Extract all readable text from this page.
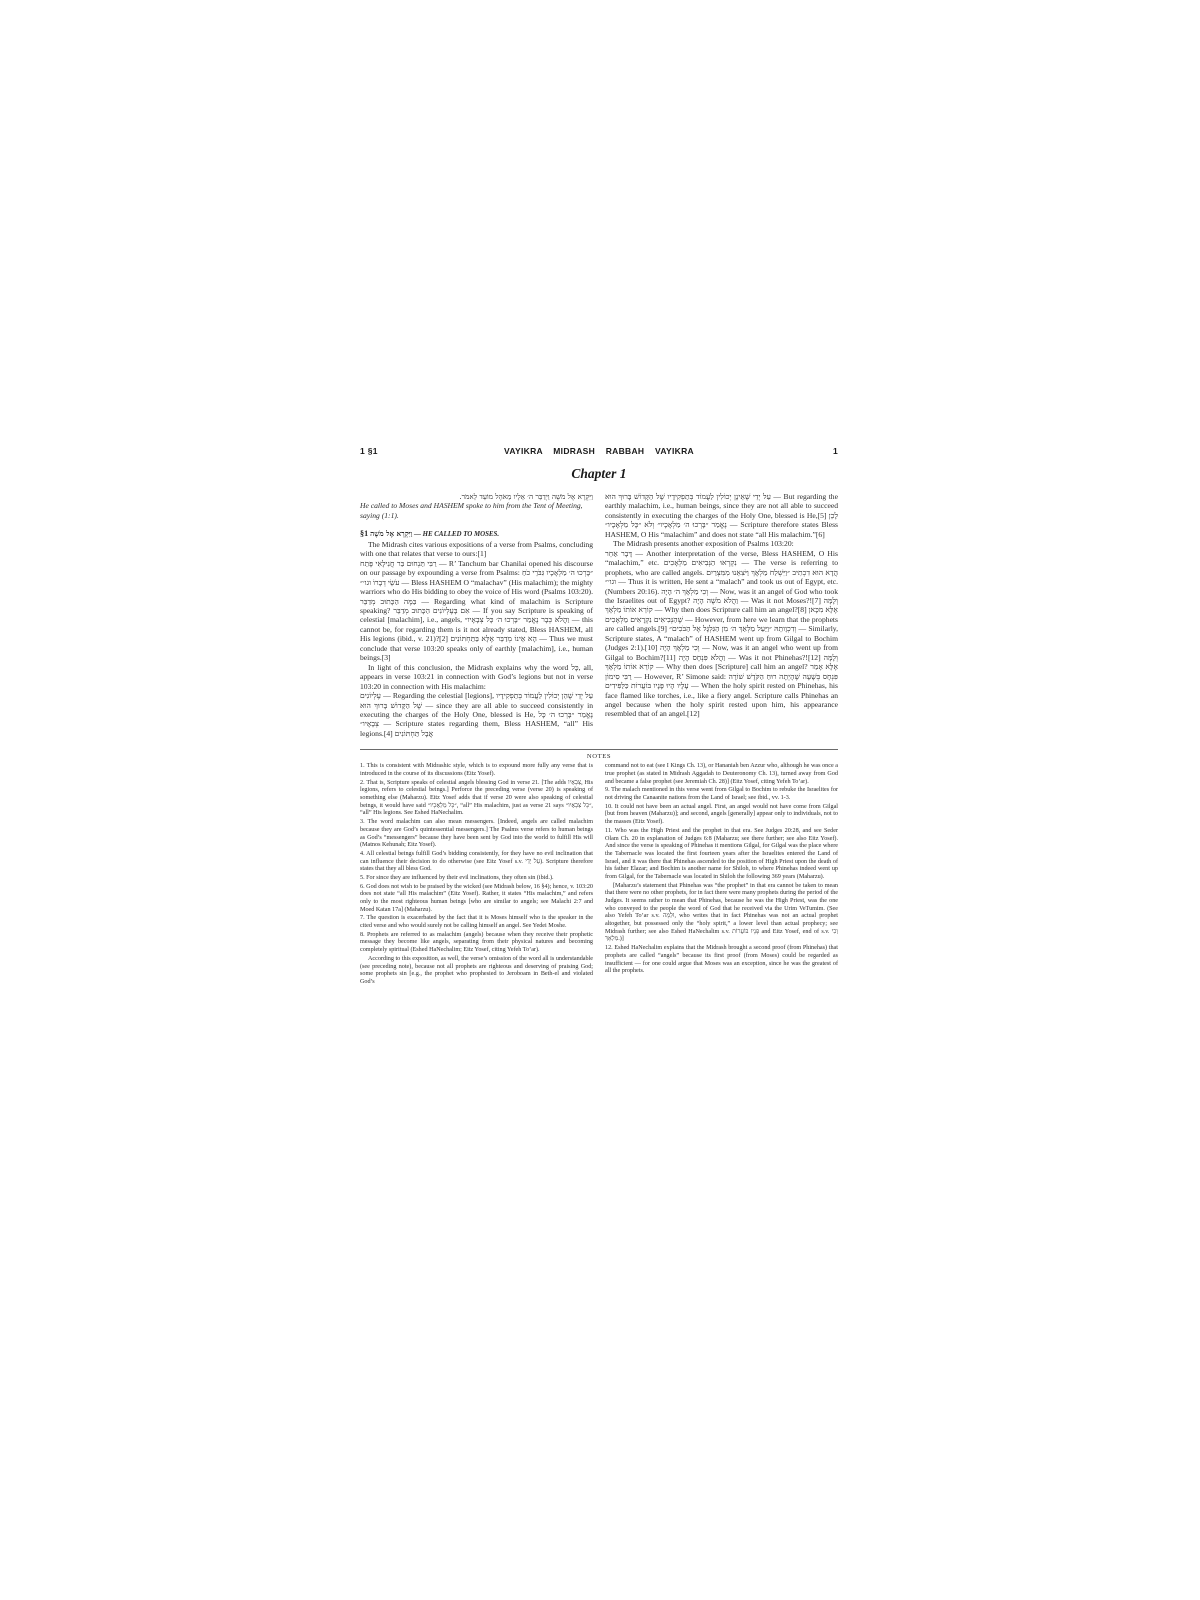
1 §1	VAYIKRA MIDRASH RABBAH VAYIKRA	1
Chapter 1

וַיִּקְרָא אֶל מֹשֶׁה וַיְדַבֵּר ה׳ אֵלָיו מֵאֹהֶל מוֹעֵד לֵאמֹר.

He called to Moses and HASHEM spoke to him from the Tent of Meeting, saying (1:1).

§1 וַיִּקְרָא אֶל מֹשֶׁה — HE CALLED TO MOSES.

The Midrash cites various expositions of a verse from Psalms, concluding with one that relates that verse to ours:[1]

רַבִּי תַּנְחוּם בַּר חֲנִילָאִי פָּתַח — R’ Tanchum bar Chanilai opened his discourse on our passage by expounding a verse from Psalms: ״בָּרְכוּ ה׳ מַלְאָכָיו גִּבֹּרֵי כֹחַ עֹשֵׂי דְבָרוֹ וגו׳״ — Bless HASHEM O “malachav” (His malachim); the mighty warriors who do His bidding to obey the voice of His word (Psalms 103:20). בַּמֶּה הַכָּתוּב מְדַבֵּר — Regarding what kind of malachim is Scripture speaking? אִם בָּעֶלְיוֹנִים הַכָּתוּב מְדַבֵּר — If you say Scripture is speaking of celestial [malachim], i.e., angels, וַהֲלֹא כְּבָר נֶאֱמַר ״בָּרְכוּ ה׳ כָּל צְבָאָיו״ — this cannot be, for regarding them is it not already stated, Bless HASHEM, all His legions (ibid., v. 21)?[2] הָא אֵינוֹ מְדַבֵּר אֶלָּא בַּתַּחְתּוֹנִים — Thus we must conclude that verse 103:20 speaks only of earthly [malachim], i.e., human beings.[3]

In light of this conclusion, the Midrash explains why the word כָּל, all, appears in verse 103:21 in connection with God’s legions but not in verse 103:20 in connection with His malachim:

עֶלְיוֹנִים — Regarding the celestial [legions], עַל יְדֵי שֶׁהֵן יְכוֹלִין לַעֲמוֹד בְּתַפְקִידָיו שֶׁל הַקָּדוֹשׁ בָּרוּךְ הוּא — since they are all able to succeed consistently in executing the charges of the Holy One, blessed is He, נֶאֱמַר ״בָּרְכוּ ה׳ כָּל צְבָאָיו״ — Scripture states regarding them, Bless HASHEM, “all” His legions.[4] אֲבָל תַּחְתּוֹנִים

עַל יְדֵי שֶׁאֵינָן יְכוֹלִין לַעֲמוֹד בְּתַפְקִידָיו שֶׁל הַקָּדוֹשׁ בָּרוּךְ הוּא — But regarding the earthly malachim, i.e., human beings, since they are not all able to succeed consistently in executing the charges of the Holy One, blessed is He,[5] לָכֵן נֶאֱמַר ״בָּרְכוּ ה׳ מַלְאָכָיו״ וְלֹא ״כָּל מַלְאָכָיו״ — Scripture therefore states Bless HASHEM, O His “malachim” and does not state “all His malachim.”[6]

The Midrash presents another exposition of Psalms 103:20:

דָּבָר אַחֵר — Another interpretation of the verse, Bless HASHEM, O His “malachim,” etc. נִקְרְאוּ הַנְּבִיאִים מַלְאָכִים — The verse is referring to prophets, who are called angels. הֲדָא הוּא דִכְתִיב ״וַיִּשְׁלַח מַלְאָךְ וַיֹּצִאֵנוּ מִמִּצְרַיִם וגו׳״ — Thus it is written, He sent a “malach” and took us out of Egypt, etc. (Numbers 20:16). וְכִי מַלְאָךְ ה׳ הָיָה — Now, was it an angel of God who took the Israelites out of Egypt? וַהֲלֹא מֹשֶׁה הָיָה — Was it not Moses?![7] וְלָמָּה קוֹרֵא אוֹתוֹ מַלְאָךְ — Why then does Scripture call him an angel?[8] אֶלָּא מִכָּאן שֶׁהַנְּבִיאִים נִקְרָאִים מַלְאָכִים — However, from here we learn that the prophets are called angels.[9] וְדִכְוָותֵהּ ״וַיַּעַל מַלְאַךְ ה׳ מִן הַגִּלְגָּל אֶל הַבֹּכִים״ — Similarly, Scripture states, A “malach” of HASHEM went up from Gilgal to Bochim (Judges 2:1).[10] וְכִי מַלְאָךְ הָיָה — Now, was it an angel who went up from Gilgal to Bochim?[11] וַהֲלֹא פִּנְחָס הָיָה — Was it not Phinehas?![12] וְלָמָּה קוֹרֵא אוֹתוֹ מַלְאָךְ — Why then does [Scripture] call him an angel? אֶלָּא אָמַר רַבִּי סִימוֹן — However, R’ Simone said: פִּנְחָס בְּשָׁעָה שֶׁהָיְתָה רוּחַ הַקֹּדֶשׁ שׁוֹרָה עָלָיו הָיוּ פָּנָיו בּוֹעֲרוֹת כַּלַּפִּידִים — When the holy spirit rested on Phinehas, his face flamed like torches, i.e., like a fiery angel. Scripture calls Phinehas an angel because when the holy spirit rested upon him, his appearance resembled that of an angel.[12]

NOTES

1. This is consistent with Midrashic style, which is to expound more fully any verse that is introduced in the course of its discussions (Eitz Yosef).

2. That is, Scripture speaks of celestial angels blessing God in verse 21. [The adds צְבָאָיו, His legions, refers to celestial beings.] Perforce the preceding verse (verse 20) is speaking of something else (Maharzu). Eitz Yosef adds that if verse 20 were also speaking of celestial beings, it would have said ״כָּל מַלְאָכָיו״, “all” His malachim, just as verse 21 says ״כָּל צְבָאָיו״, “all” His legions. See Eshed HaNechalim.

3. The word malachim can also mean messengers. [Indeed, angels are called malachim because they are God’s quintessential messengers.] The Psalms verse refers to human beings as God’s “messengers” because they have been sent by God into the world to fulfill His will (Matnos Kehunah; Eitz Yosef).

4. All celestial beings fulfill God’s bidding consistently, for they have no evil inclination that can influence their decision to do otherwise (see Eitz Yosef s.v. עַל יְדֵי). Scripture therefore states that they all bless God.

5. For since they are influenced by their evil inclinations, they often sin (ibid.).

6. God does not wish to be praised by the wicked (see Midrash below, 16 §4); hence, v. 103:20 does not state “all His malachim” (Eitz Yosef). Rather, it states “His malachim,” and refers only to the most righteous human beings [who are similar to angels; see Malachi 2:7 and Moed Katan 17a] (Maharzu).

7. The question is exacerbated by the fact that it is Moses himself who is the speaker in the cited verse and who would surely not be calling himself an angel. See Yedei Moshe.

8. Prophets are referred to as malachim (angels) because when they receive their prophetic message they become like angels, separating from their physical natures and becoming completely spiritual (Eshed HaNechalim; Eitz Yosef, citing Yefeh To’ar).

According to this exposition, as well, the verse’s omission of the word all is understandable (see preceding note), because not all prophets are righteous and deserving of praising God; some prophets sin [e.g., the prophet who prophesied to Jeroboam in Beth-el and violated God’s

command not to eat (see I Kings Ch. 13), or Hananiah ben Azzur who, although he was once a true prophet (as stated in Midrash Aggadah to Deuteronomy Ch. 13), turned away from God and became a false prophet (see Jeremiah Ch. 28)] (Eitz Yosef, citing Yefeh To’ar).

9. The malach mentioned in this verse went from Gilgal to Bochim to rebuke the Israelites for not driving the Canaanite nations from the Land of Israel; see ibid., vv. 1-3.

10. It could not have been an actual angel. First, an angel would not have come from Gilgal [but from heaven (Maharzu)]; and second, angels [generally] appear only to individuals, not to the masses (Eitz Yosef).

11. Who was the High Priest and the prophet in that era. See Judges 20:28, and see Seder Olam Ch. 20 in explanation of Judges 6:8 (Maharzu; see there further; see also Eitz Yosef). And since the verse is speaking of Phinehas it mentions Gilgal, for Gilgal was the place where the Tabernacle was located the first fourteen years after the Israelites entered the Land of Israel, and it was there that Phinehas ascended to the position of High Priest upon the death of his father Elazar; and Bochim is another name for Shiloh, to where Phinehas indeed went up from Gilgal, for the Tabernacle was located in Shiloh the following 369 years (Maharzu).

[Maharzu’s statement that Phinehas was “the prophet” in that era cannot be taken to mean that there were no other prophets, for in fact there were many prophets during the period of the Judges. It seems rather to mean that Phinehas, because he was the High Priest, was the one who conveyed to the people the word of God that he received via the Urim VeTumim. (See also Yefeh To’ar s.v. וּלְמָה, who writes that in fact Phinehas was not an actual prophet altogether, but possessed only the “holy spirit,” a lower level than actual prophecy; see Midrash further; see also Eshed HaNechalim s.v. פָּנָיו בּוֹעֲרוֹת and Eitz Yosef, end of s.v. וְכִי מַלְאָךְ.)]

12. Eshed HaNechalim explains that the Midrash brought a second proof (from Phinehas) that prophets are called “angels” because its first proof (from Moses) could be regarded as insufficient — for one could argue that Moses was an exception, since he was the greatest of all the prophets.
